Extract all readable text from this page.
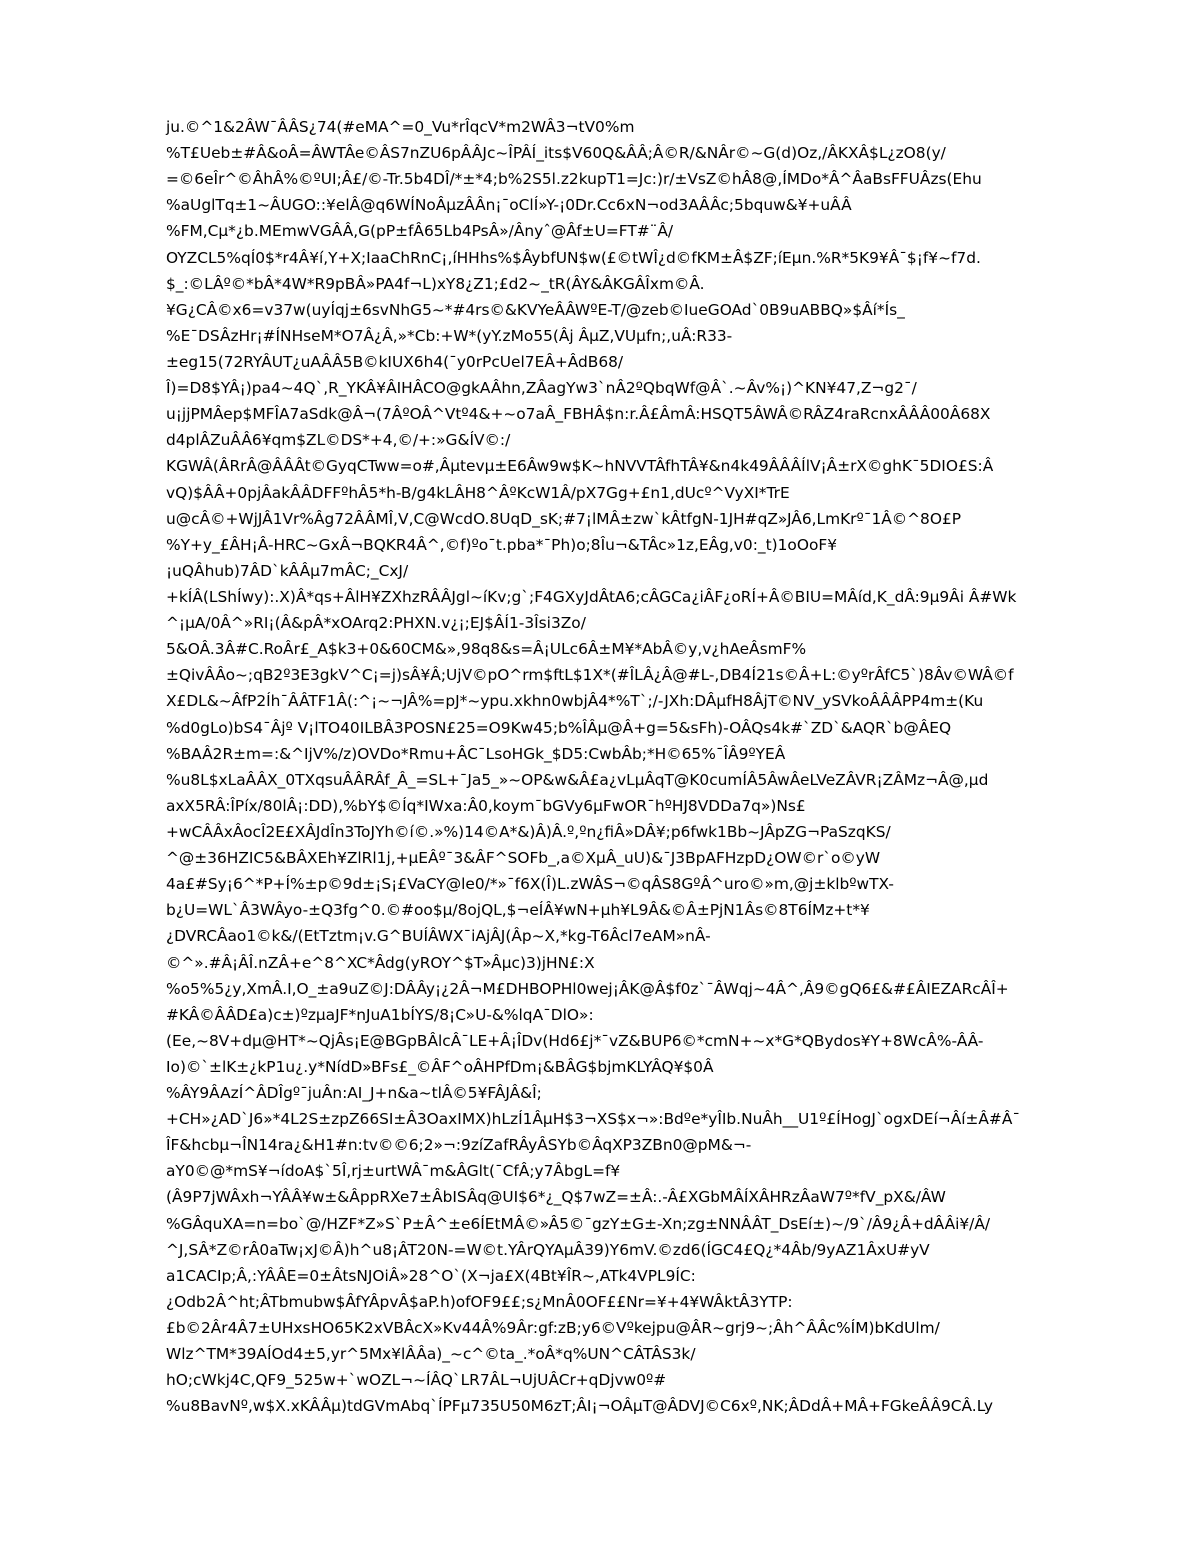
ju.©^1&2ÂW¯ÂÂS¿74(#eMA^=0_Vu*rÎqcV*m2WÂ3¬tV0%m
%T£Ueb±#Â&oÂ=ÂWTÂe©ÂS7nZU6pÂÂJc~ÎPÂÍ_its$V60Q&ÂÂ;Â©R/&NÂr©~G(d)Oz,/ÂKXÂ$L¿zO8(y/
=©6eÎr^©ÂhÂ%©ºUI;Â£/©-Tr.5b4DÎ/*±*4;b%2S5l.z2kupT1=Jc:)r/±VsZ©hÂ8@,ÍMDo*Â^ÂaBsFFUÂzs(Ehu
%aUglTq±1~ÂUGO::¥elÂ@q6WÍNoÂµzÂÂn¡¯oClÍ»Y-¡0Dr.Cc6xN¬od3AÂÂc;5bquw&¥+uÂÂ
%FM,Cµ*¿b.MEmwVGÂÂ,G(pP±fÂ65Lb4PsÂ»/Ânyˆ@Âf±U=FT#¨Â/
OYZCL5%qÍ0$*r4Â¥í,Y+X;IaaChRnC¡,íHHhs%$ÂybfUN$w(£©tWÎ¿d©fKM±Â$ZF;íEµn.%R*5K9¥Â¯$¡f¥~f7d.
$_:©LÂº©*bÂ*4W*R9pBÂ»PA4f¬L)xY8¿Z1;£d2~_tR(ÂY&ÂKGÂÎxm©Â.
¥G¿CÂ©x6=v37w(uyÍqj±6svNhG5~*#4rs©&KVYeÂÂWºE-T/@zeb©IueGOAd`0B9uABBQ»$Âí*Ís_
%E¯DSÂzHr¡#ÍNHseM*O7Â¿Â,»*Cb:+W*(yY.zMo55(Âj ÂµZ,VUµfn;,uÂ:R33-
±eg15(72RYÂUT¿uAÂÂ5B©kIUX6h4(¯y0rPcUel7EÂ+ÂdB68/
Î)=D8$YÂ¡)pa4~4Q`,R_YKÂ¥ÂIHÂCO@gkAÂhn,ZÂagYw3`nÂ2ºQbqWf@Â`.~Âv%¡)^KN¥47,Z¬g2¯/
u¡jjPMÂep$MFÎA7aSdk@Â¬(7ÂºOÂ^Vtº4&+~o7aÂ_FBHÂ$n:r.Â£ÂmÂ:HSQT5ÂWÂ©RÂZ4raRcnxÂÂÂ00Â68X
d4plÂZuÂÂ6¥qm$ZL©DS*+4,©/+:»G&ÍV©:/
KGWÂ(ÂRrÂ@ÂÂÂt©GyqCTww=o#,Âµtevµ±E6Âw9w$K~hNVVTÂfhTÂ¥&n4k49ÂÂÂÍlV¡Â±rX©ghK¯5DIO£S:Â
vQ)$ÂÂ+0pjÂakÂÂDFFºhÂ5*h-B/g4kLÂH8^ÂºKcW1Â/pX7Gg+£n1,dUcº^VyXI*TrE
u@cÂ©+WjJÂ1Vr%Âg72ÂÂMÎ,V,C@WcdO.8UqD_sK;#7¡lMÂ±zw`kÂtfgN-1JH#qZ»JÂ6,LmKrº¯1Â©^8O£P
%Y+y_£ÂH¡Â-HRC~GxÂ¬BQKR4Â^,©f)ºo¯t.pba*¯Ph)o;8Îu¬&TÂc»1z,EÂg,v0:_t)1oOoF¥
¡uQÂhub)7ÂD`kÂÂµ7mÂC;_CxJ/
+kÍÂ(LShÍwy):.X)Â*qs+ÂlH¥ZXhzRÂÂJgl~íKv;g`;F4GXyJdÂtA6;cÂGCa¿iÂF¿oRÍ+Â©BIU=MÂíd,K_dÂ:9µ9Âi Â#Wk
^¡µA/0Â^»RI¡(Â&pÂ*xOArq2:PHXN.v¿¡;EJ$ÂÍ1-3Îsi3Zo/
5&OÂ.3Â#C.RoÂr£_A$k3+0&60CM&»,98q8&s=Â¡ULc6Â±M¥*AbÂ©y,v¿hAeÂsmF%
±QivÂÂo~;qB2º3E3gkV^C¡=j)sÂ¥Â;UjV©pO^rm$ftL$1X*(#ÎLÂ¿Â@#L-,DB4Í21s©Â+L:©yºrÂfC5`)8Âv©WÂ©f
X£DL&~ÂfP2Íh¯ÂÂTF1Â(:^¡~¬JÂ%=pJ*~ypu.xkhn0wbjÂ4*%T`;/-JXh:DÂµfH8ÂjT©NV_ySVkoÂÂÂPP4m±(Ku
%d0gLo)bS4¯Âjº V¡lTO40ILBÂ3POSN£25=O9Kw45;b%ÎÂµ@Â+g=5&sFh)-OÂQs4k#`ZD`&AQR`b@ÂEQ
%BAÂ2R±m=:&^IjV%/z)OVDo*Rmu+ÂC¯LsoHGk_$D5:CwbÂb;*H©65%¯ÎÂ9ºYEÂ
%u8L$xLaÂÂX_0TXqsuÂÂRÂf_Â_=SL+¯Ja5_»~OP&w&Â£a¿vLµÂqT@K0cumÍÂ5ÂwÂeLVeZÂVR¡ZÂMz¬Â@,µd
axX5RÂ:ÎPíx/80lÂ¡:DD),%bY$©Íq*IWxa:Â0,koym¯bGVy6µFwOR¯hºHJ8VDDa7q»)Ns£
+wCÂÂxÂocÎ2E£XÂJdÎn3ToJYh©í©.»%)14©A*&)Â)Â.º,ºn¿fiÂ»DÂ¥;p6fwk1Bb~JÂpZG¬PaSzqKS/
^@±36HZIC5&BÂXEh¥ZlRl1j,+µEÂº¯3&ÂF^SOFb_,a©XµÂ_uU)&¯J3BpAFHzpD¿OW©r`o©yW
4a£#Sy¡6^*P+Í%±p©9d±¡S¡£VaCY@le0/*»¯f6X(Î)L.zWÂS¬©qÂS8GºÂ^uro©»m,@j±klbºwTX-
b¿U=WL`Â3WÂyo-±Q3fg^0.©#oo$µ/8ojQL,$¬eÍÂ¥wN+µh¥L9Â&©Â±PjN1Âs©8T6ÍMz+t*¥
¿DVRCÂao1©k&/(EtTztm¡v.G^BUÍÂWX¯iAjÂJ(Âp~X,*kg-T6Âcl7eAM»nÂ-
©^».#Â¡ÂÎ.nZÂ+e^8^XC*Âdg(yROY^$T»Âµc)3)jHN£:X
%o5%5¿y,XmÂ.I,O_±a9uZ©J:DÂÂy¡¿2Â¬M£DHBOPHl0wej¡ÂK@Â$f0z`¯ÂWqj~4Â^,Â9©gQ6£&#£ÂIEZARcÂÎ+
#KÂ©ÂÂD£a)c±)ºzµaJF*nJuA1bÍYS/8¡C»U-&%lqA¯DlO»:
(Ee,~8V+dµ@HT*~QjÂs¡E@BGpBÂlcÂ¯LE+Â¡ÎDv(Hd6£j*¯vZ&BUP6©*cmN+~x*G*QBydos¥Y+8WcÂ%-ÂÂ-
Io)©`±lK±¿kP1u¿.y*NídD»BFs£_©ÂF^oÂHPfDm¡&BÂG$bjmKLYÂQ¥$0Â
%ÂY9ÂAzÍ^ÂDÎgº¯juÂn:AI_J+n&a~tlÂ©5¥FÂJÂ&Î;
+CH»¿AD`J6»*4L2S±zpZ66SI±Â3OaxIMX)hLzÍ1ÂµH$3¬XS$x¬»:Bdºe*yÎIb.NuÂh__U1º£ÍHogJ`ogxDEí¬Âí±Â#Â¯
ÎF&hcbµ¬ÎN14ra¿&H1#n:tv©©6;2»¬:9zíZafRÂyÂSYb©ÂqXP3ZBn0@pM&¬-
aY0©@*mS¥¬ídoA$`5Î,rj±urtWÂ¯m&ÂGlt(¯CfÂ;y7ÂbgL=f¥
(Â9P7jWÂxh¬YÂÂ¥w±&ÂppRXe7±ÂbISÂq@UI$6*¿_Q$7wZ=±Â:.-Â£XGbMÂÍXÂHRzÂaW7º*fV_pX&/ÂW
%GÂquXA=n=bo`@/HZF*Z»S`P±Â^±e6ÍEtMÂ©»Â5©¯gzY±G±-Xn;zg±NNÂÂT_DsEí±)~/9`/Â9¿Â+dÂÂi¥/Â/
^J,SÂ*Z©rÂ0aTw¡xJ©Â)h^u8¡ÂT20N-=W©t.YÂrQYAµÂ39)Y6mV.©zd6(ÍGC4£Q¿*4Âb/9yAZ1ÂxU#yV
a1CACIp;Â,:YÂÂE=0±ÂtsNJOiÂ»28^O`(X¬ja£X(4Bt¥ÎR~,ATk4VPL9ÍC:
¿Odb2Â^ht;ÂTbmubw$ÂfYÂpvÂ$aP.h)ofOF9££;s¿MnÂ0OF££Nr=¥+4¥WÂktÂ3YTP:
£b©2Âr4Â7±UHxsHO65K2xVBÂcX»Kv44Â%9Âr:gf:zB;y6©Vºkejpu@ÂR~grj9~;Âh^ÂÂc%ÍM)bKdUlm/
Wlz^TM*39AÍOd4±5,yr^5Mx¥lÂÂa)_~c^©ta_.*oÂ*q%UN^CÂTÂS3k/
hO;cWkj4C,QF9_525w+`wOZL¬~ÍÂQ`LR7ÂL¬UjUÂCr+qDjvw0º#
%u8BavNº,w$X.xKÂÂµ)tdGVmAbq`ÍPFµ735U50M6zT;ÂI¡¬OÂµT@ÂDVJ©C6xº,NK;ÂDdÂ+MÂ+FGkeÂÂ9CÂ.Ly
